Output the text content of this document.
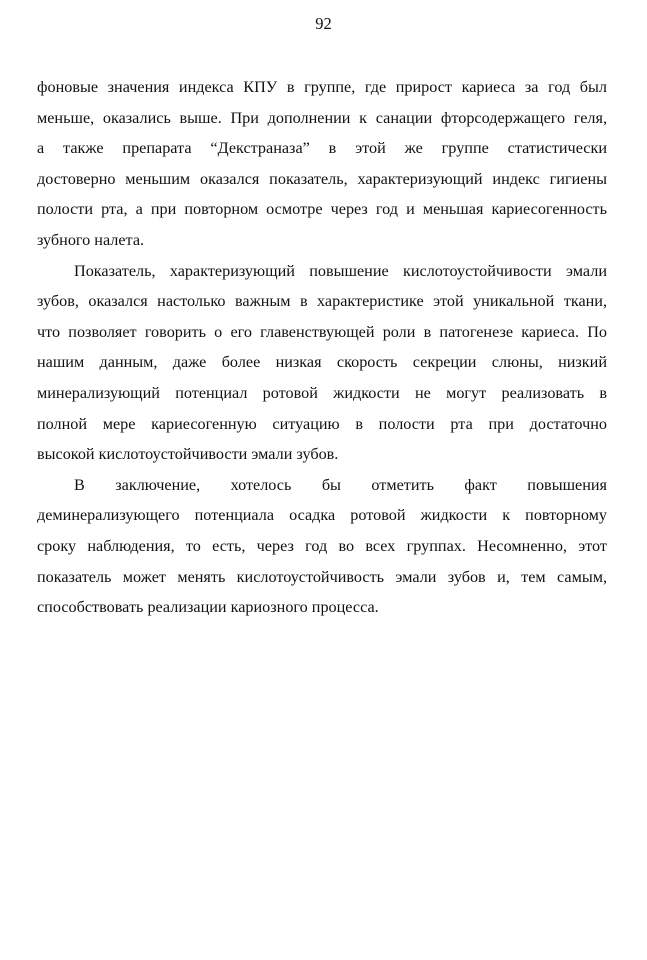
92
фоновые значения индекса КПУ в группе, где прирост кариеса за год был
меньше, оказались выше. При дополнении к санации фторсодержащего геля,
а также препарата “Декстраназа” в этой же группе статистически
достоверно меньшим оказался показатель, характеризующий индекс гигиены
полости рта, а при повторном осмотре через год и меньшая кариесогенность
зубного налета.
Показатель, характеризующий повышение кислотоустойчивости эмали
зубов, оказался настолько важным в характеристике этой уникальной ткани,
что позволяет говорить о его главенствующей роли в патогенезе кариеса. По
нашим данным, даже более низкая скорость секреции слюны, низкий
минерализующий потенциал ротовой жидкости не могут реализовать в
полной мере кариесогенную ситуацию в полости рта при достаточно
высокой кислотоустойчивости эмали зубов.
В заключение, хотелось бы отметить факт повышения
деминерализующего потенциала осадка ротовой жидкости к повторному
сроку наблюдения, то есть, через год во всех группах. Несомненно, этот
показатель может менять кислотоустойчивость эмали зубов и, тем самым,
способствовать реализации кариозного процесса.
